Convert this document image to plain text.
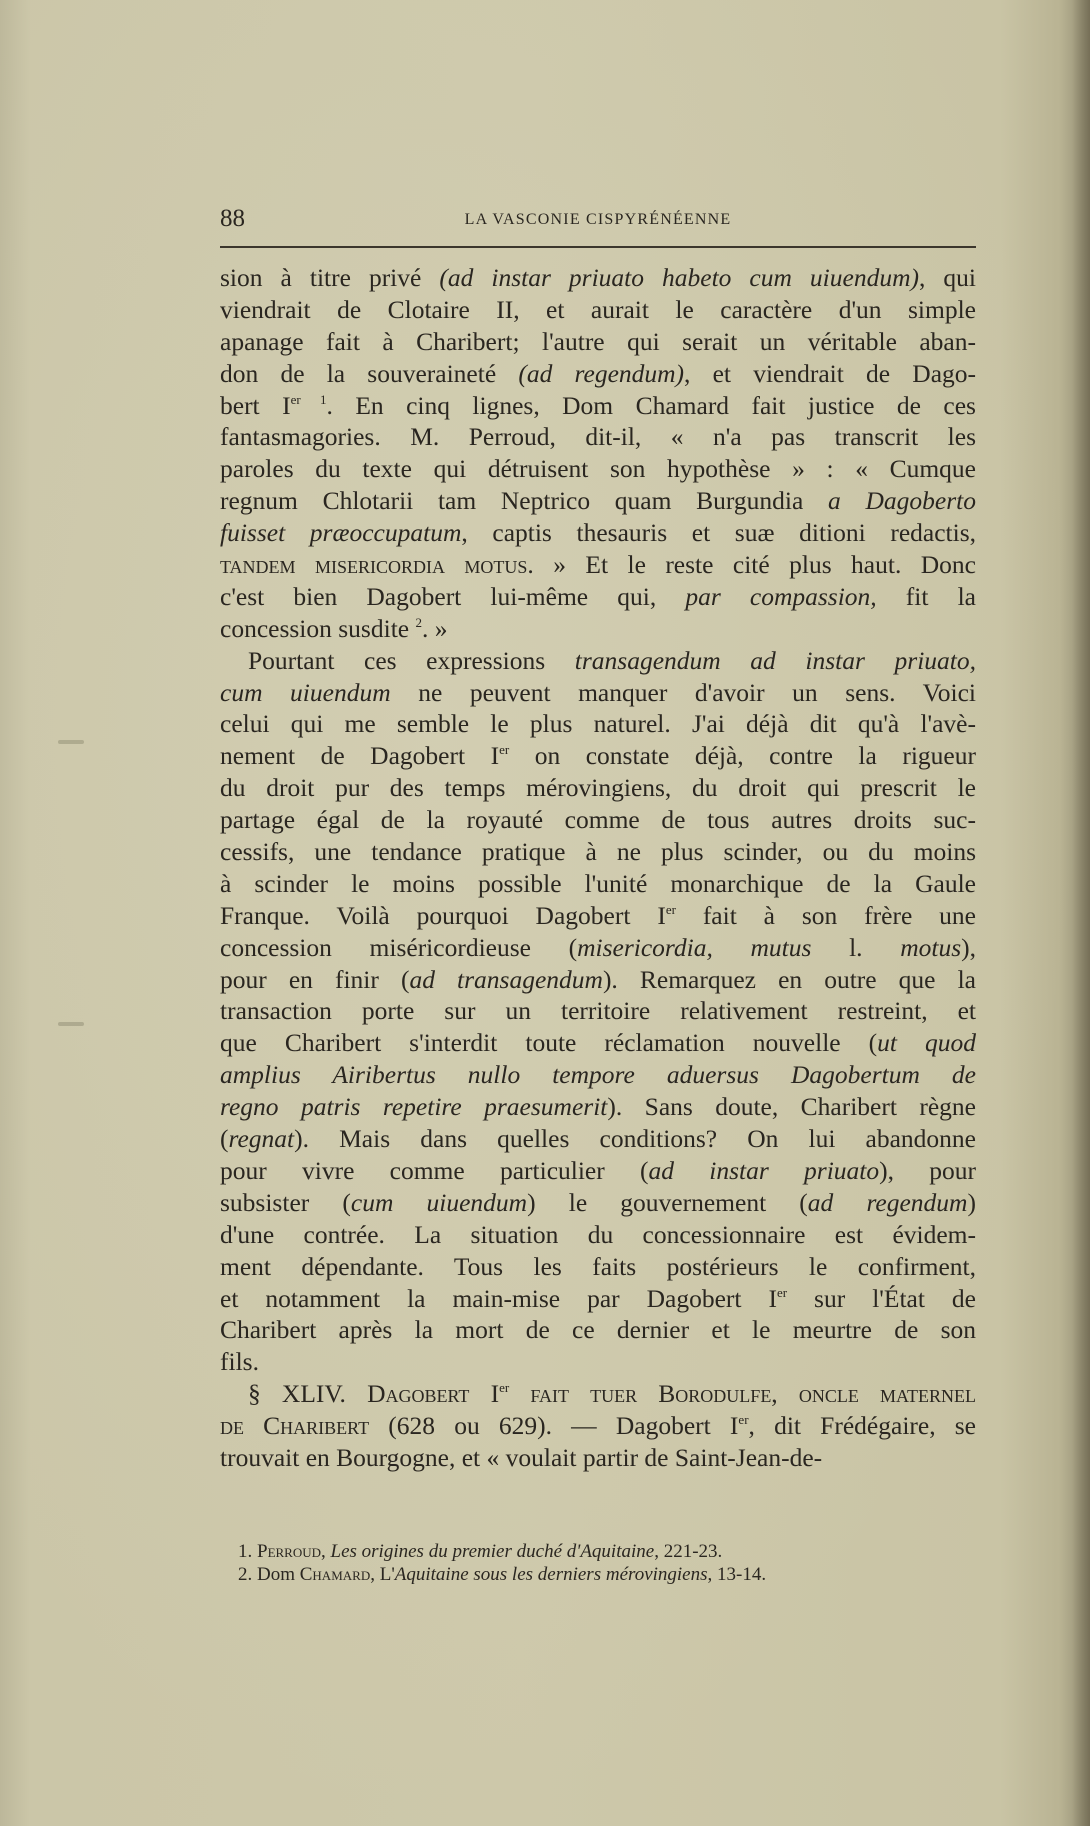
88	LA VASCONIE CISPYRÉNÉENNE
sion à titre privé (ad instar priuato habeto cum uiuendum), qui
viendrait de Clotaire II, et aurait le caractère d'un simple
apanage fait à Charibert; l'autre qui serait un véritable aban-
don de la souveraineté (ad regendum), et viendrait de Dago-
bert $I^{er 1}$. En cinq lignes, Dom Chamard fait justice de ces
fantasmagories. M. Perroud, dit-il, « n'a pas transcrit les
paroles du texte qui détruisent son hypothèse » : « Cumque
regnum Chlotarii tam Neptrico quam Burgundia a Dagoberto
fuisset præoccupatum, captis thesauris et suæ ditioni redactis,
tandem misericordia motus. » Et le reste cité plus haut. Donc
c'est bien Dagobert lui-même qui, par compassion, fit la
concession susdite $^2$. »
Pourtant ces expressions transagendum ad instar priuato,
cum uiuendum ne peuvent manquer d'avoir un sens. Voici
celui qui me semble le plus naturel. J'ai déjà dit qu'à l'avè-
nement de Dagobert Ier on constate déjà, contre la rigueur
du droit pur des temps mérovingiens, du droit qui prescrit le
partage égal de la royauté comme de tous autres droits suc-
cessifs, une tendance pratique à ne plus scinder, ou du moins
à scinder le moins possible l'unité monarchique de la Gaule
Franque. Voilà pourquoi Dagobert Ier fait à son frère une
concession miséricordieuse (misericordia, mutus l. motus),
pour en finir (ad transagendum). Remarquez en outre que la
transaction porte sur un territoire relativement restreint, et
que Charibert s'interdit toute réclamation nouvelle (ut quod
amplius Airibertus nullo tempore aduersus Dagobertum de
regno patris repetire praesumerit). Sans doute, Charibert règne
(regnat). Mais dans quelles conditions? On lui abandonne
pour vivre comme particulier (ad instar priuato), pour
subsister (cum uiuendum) le gouvernement (ad regendum)
d'une contrée. La situation du concessionnaire est évidem-
ment dépendante. Tous les faits postérieurs le confirment,
et notamment la main-mise par Dagobert Ier sur l'État de
Charibert après la mort de ce dernier et le meurtre de son
fils.
§ XLIV. Dagobert Ier fait tuer Borodulfe, oncle maternel
de Charibert (628 ou 629). — Dagobert Ier, dit Frédégaire, se
trouvait en Bourgogne, et « voulait partir de Saint-Jean-de-
1. Perroud, Les origines du premier duché d'Aquitaine, 221-23.
2. Dom Chamard, L'Aquitaine sous les derniers mérovingiens, 13-14.
